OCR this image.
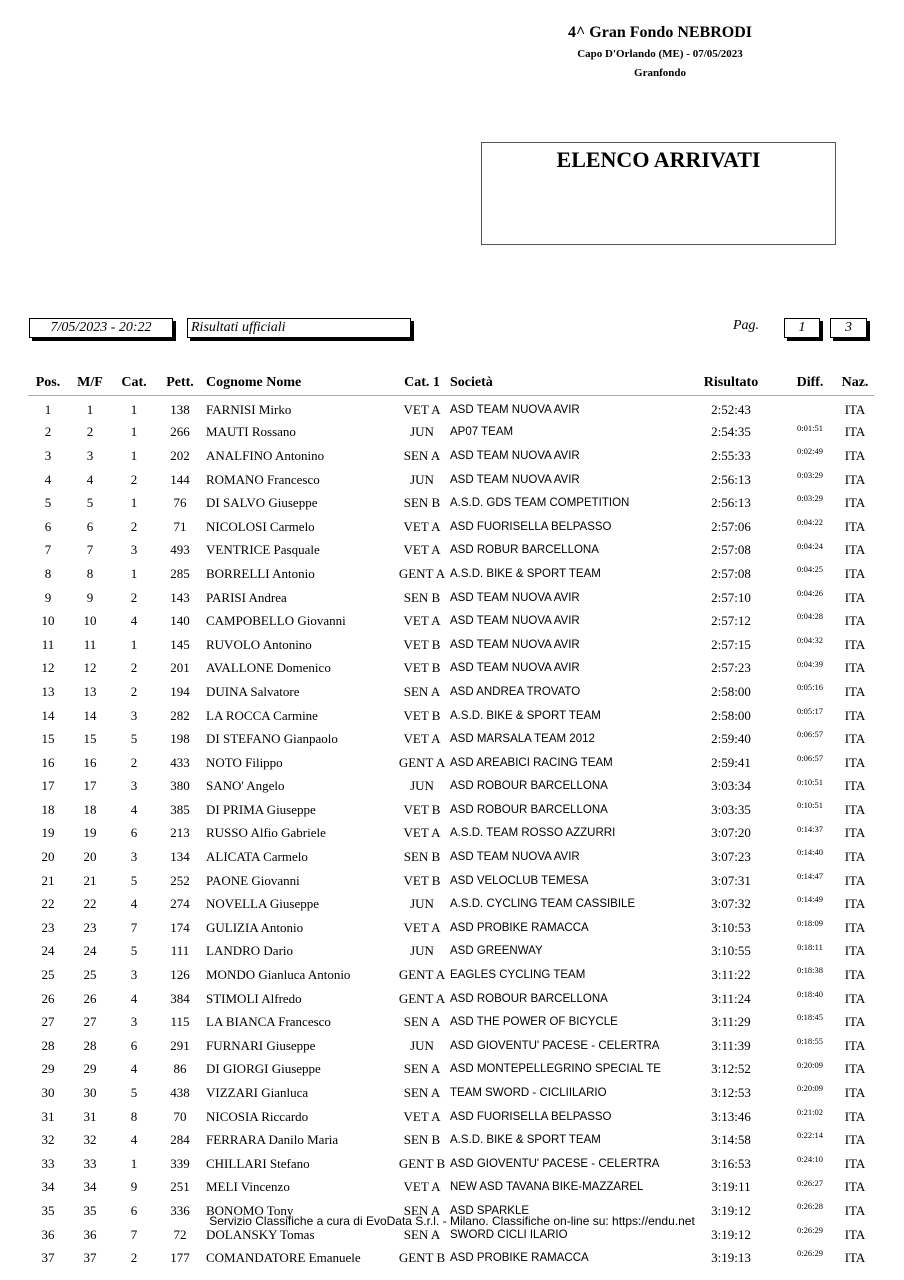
4^ Gran Fondo NEBRODI
Capo D'Orlando (ME) - 07/05/2023
Granfondo
ELENCO ARRIVATI
7/05/2023 - 20:22	Risultati ufficiali	Pag.	1	3
Pos.	M/F	Cat.	Pett.	Cognome Nome	Cat. 1	Società	Risultato	Diff.	Naz.
1	1	1	138	FARNISI Mirko	VET A	ASD TEAM NUOVA AVIR	2:52:43		ITA
2	2	1	266	MAUTI Rossano	JUN	AP07 TEAM	2:54:35	0:01:51	ITA
3	3	1	202	ANALFINO Antonino	SEN A	ASD TEAM NUOVA AVIR	2:55:33	0:02:49	ITA
4	4	2	144	ROMANO Francesco	JUN	ASD TEAM NUOVA AVIR	2:56:13	0:03:29	ITA
5	5	1	76	DI SALVO Giuseppe	SEN B	A.S.D. GDS TEAM COMPETITION	2:56:13	0:03:29	ITA
6	6	2	71	NICOLOSI Carmelo	VET A	ASD FUORISELLA BELPASSO	2:57:06	0:04:22	ITA
7	7	3	493	VENTRICE Pasquale	VET A	ASD ROBUR BARCELLONA	2:57:08	0:04:24	ITA
8	8	1	285	BORRELLI Antonio	GENT A	A.S.D. BIKE & SPORT TEAM	2:57:08	0:04:25	ITA
9	9	2	143	PARISI Andrea	SEN B	ASD TEAM NUOVA AVIR	2:57:10	0:04:26	ITA
10	10	4	140	CAMPOBELLO Giovanni	VET A	ASD TEAM NUOVA AVIR	2:57:12	0:04:28	ITA
11	11	1	145	RUVOLO Antonino	VET B	ASD TEAM NUOVA AVIR	2:57:15	0:04:32	ITA
12	12	2	201	AVALLONE Domenico	VET B	ASD TEAM NUOVA AVIR	2:57:23	0:04:39	ITA
13	13	2	194	DUINA Salvatore	SEN A	ASD ANDREA TROVATO	2:58:00	0:05:16	ITA
14	14	3	282	LA ROCCA Carmine	VET B	A.S.D. BIKE & SPORT TEAM	2:58:00	0:05:17	ITA
15	15	5	198	DI STEFANO Gianpaolo	VET A	ASD MARSALA TEAM 2012	2:59:40	0:06:57	ITA
16	16	2	433	NOTO Filippo	GENT A	ASD AREABICI RACING TEAM	2:59:41	0:06:57	ITA
17	17	3	380	SANO' Angelo	JUN	ASD ROBOUR BARCELLONA	3:03:34	0:10:51	ITA
18	18	4	385	DI PRIMA Giuseppe	VET B	ASD ROBOUR BARCELLONA	3:03:35	0:10:51	ITA
19	19	6	213	RUSSO Alfio Gabriele	VET A	A.S.D. TEAM ROSSO AZZURRI	3:07:20	0:14:37	ITA
20	20	3	134	ALICATA Carmelo	SEN B	ASD TEAM NUOVA AVIR	3:07:23	0:14:40	ITA
21	21	5	252	PAONE Giovanni	VET B	ASD VELOCLUB TEMESA	3:07:31	0:14:47	ITA
22	22	4	274	NOVELLA Giuseppe	JUN	A.S.D. CYCLING TEAM CASSIBILE	3:07:32	0:14:49	ITA
23	23	7	174	GULIZIA Antonio	VET A	ASD PROBIKE RAMACCA	3:10:53	0:18:09	ITA
24	24	5	111	LANDRO Dario	JUN	ASD GREENWAY	3:10:55	0:18:11	ITA
25	25	3	126	MONDO Gianluca Antonio	GENT A	EAGLES CYCLING TEAM	3:11:22	0:18:38	ITA
26	26	4	384	STIMOLI Alfredo	GENT A	ASD ROBOUR BARCELLONA	3:11:24	0:18:40	ITA
27	27	3	115	LA BIANCA Francesco	SEN A	ASD THE POWER OF BICYCLE	3:11:29	0:18:45	ITA
28	28	6	291	FURNARI Giuseppe	JUN	ASD GIOVENTU' PACESE - CELERTRA	3:11:39	0:18:55	ITA
29	29	4	86	DI GIORGI Giuseppe	SEN A	ASD MONTEPELLEGRINO SPECIAL TE	3:12:52	0:20:09	ITA
30	30	5	438	VIZZARI Gianluca	SEN A	TEAM SWORD - CICLIILARIO	3:12:53	0:20:09	ITA
31	31	8	70	NICOSIA Riccardo	VET A	ASD FUORISELLA BELPASSO	3:13:46	0:21:02	ITA
32	32	4	284	FERRARA Danilo Maria	SEN B	A.S.D. BIKE & SPORT TEAM	3:14:58	0:22:14	ITA
33	33	1	339	CHILLARI Stefano	GENT B	ASD GIOVENTU' PACESE - CELERTRA	3:16:53	0:24:10	ITA
34	34	9	251	MELI Vincenzo	VET A	NEW ASD TAVANA BIKE-MAZZAREL	3:19:11	0:26:27	ITA
35	35	6	336	BONOMO Tony	SEN A	ASD SPARKLE	3:19:12	0:26:28	ITA
36	36	7	72	DOLANSKY Tomas	SEN A	SWORD CICLI ILARIO	3:19:12	0:26:29	ITA
37	37	2	177	COMANDATORE Emanuele	GENT B	ASD PROBIKE RAMACCA	3:19:13	0:26:29	ITA
Servizio Classifiche a cura di EvoData S.r.l. - Milano. Classifiche on-line su: https://endu.net
